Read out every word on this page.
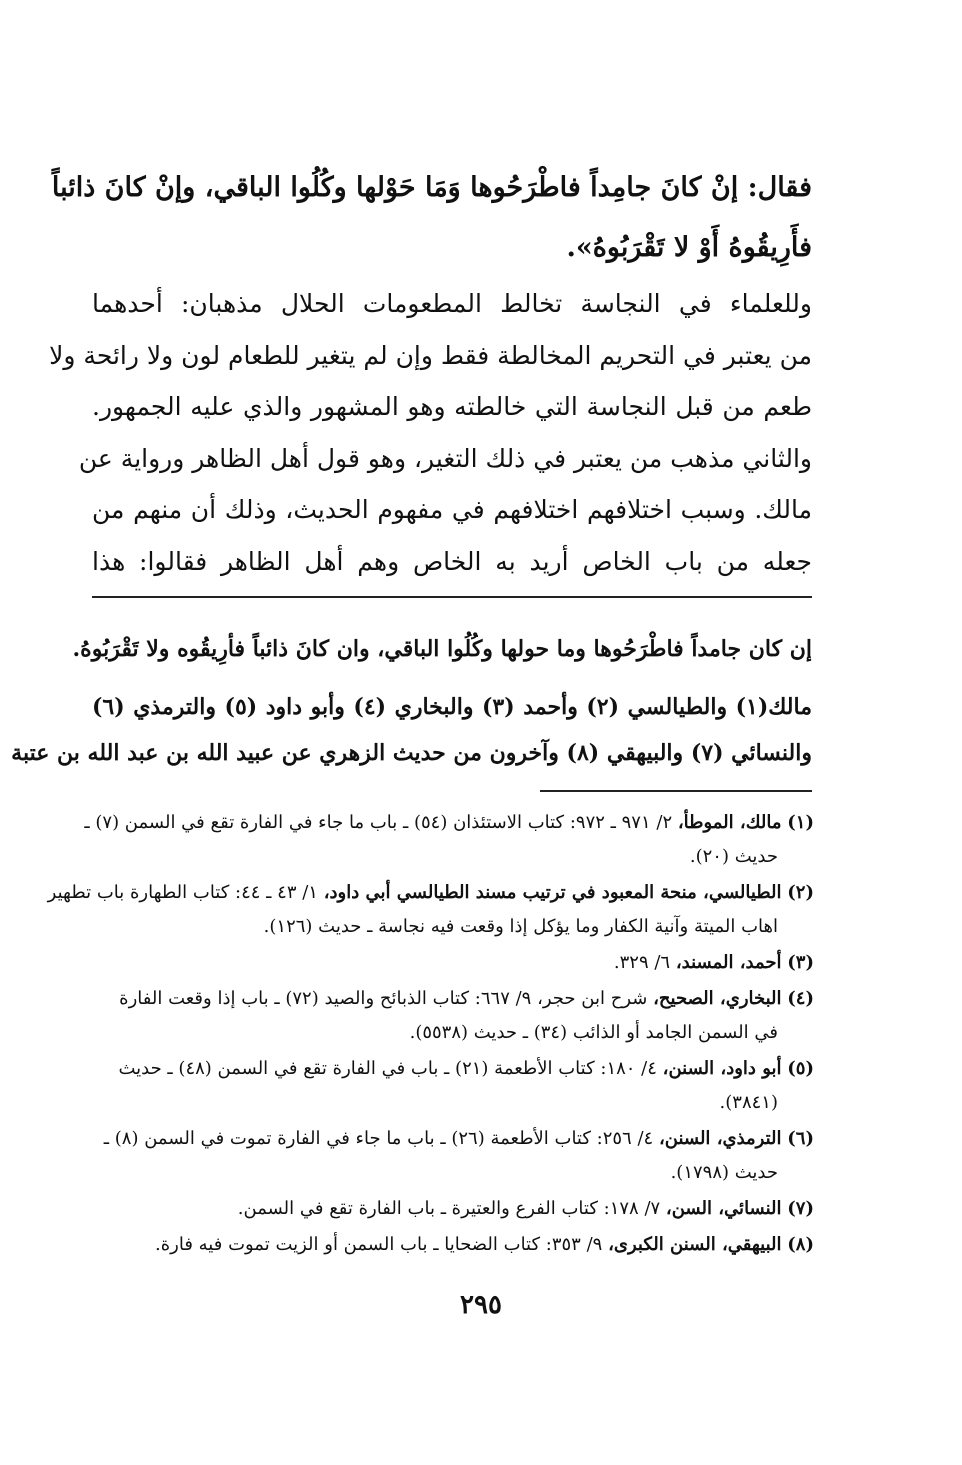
فقال: إنْ كانَ جامِداً فاطْرَحُوها وَمَا حَوْلها وكُلُوا الباقي، وإنْ كانَ ذائباً
فأَرِيقُوهُ أَوْ لا تَقْرَبُوهُ».
وللعلماء في النجاسة تخالط المطعومات الحلال مذهبان: أحدهما
من يعتبر في التحريم المخالطة فقط وإن لم يتغير للطعام لون ولا رائحة ولا
طعم من قبل النجاسة التي خالطته وهو المشهور والذي عليه الجمهور.
والثاني مذهب من يعتبر في ذلك التغير، وهو قول أهل الظاهر ورواية عن
مالك. وسبب اختلافهم اختلافهم في مفهوم الحديث، وذلك أن منهم من
جعله من باب الخاص أريد به الخاص وهم أهل الظاهر فقالوا: هذا
إن كان جامداً فاطْرَحُوها وما حولها وكُلُوا الباقي، وان كانَ ذائباً فأرِيقُوه ولا تَقْرَبُوهُ.
مالك(١) والطيالسي (٢) وأحمد (٣) والبخاري (٤) وأبو داود (٥) والترمذي (٦)
والنسائي (٧) والبيهقي (٨) وآخرون من حديث الزهري عن عبيد الله بن عبد الله بن عتبة
(١) مالك، الموطأ، ٢/ ٩٧١ ـ ٩٧٢: كتاب الاستئذان (٥٤) ـ باب ما جاء في الفارة تقع في السمن (٧) ـ
حديث (٢٠).
(٢) الطيالسي، منحة المعبود في ترتيب مسند الطيالسي أبي داود، ١/ ٤٣ ـ ٤٤: كتاب الطهارة باب تطهير
اهاب الميتة وآنية الكفار وما يؤكل إذا وقعت فيه نجاسة ـ حديث (١٢٦).
(٣) أحمد، المسند، ٦/ ٣٢٩.
(٤) البخاري، الصحيح، شرح ابن حجر، ٩/ ٦٦٧: كتاب الذبائح والصيد (٧٢) ـ باب إذا وقعت الفارة
في السمن الجامد أو الذائب (٣٤) ـ حديث (٥٥٣٨).
(٥) أبو داود، السنن، ٤/ ١٨٠: كتاب الأطعمة (٢١) ـ باب في الفارة تقع في السمن (٤٨) ـ حديث
(٣٨٤١).
(٦) الترمذي، السنن، ٤/ ٢٥٦: كتاب الأطعمة (٢٦) ـ باب ما جاء في الفارة تموت في السمن (٨) ـ
حديث (١٧٩٨).
(٧) النسائي، السن، ٧/ ١٧٨: كتاب الفرع والعتيرة ـ باب الفارة تقع في السمن.
(٨) البيهقي، السنن الكبرى، ٩/ ٣٥٣: كتاب الضحايا ـ باب السمن أو الزيت تموت فيه فارة.
٢٩٥
